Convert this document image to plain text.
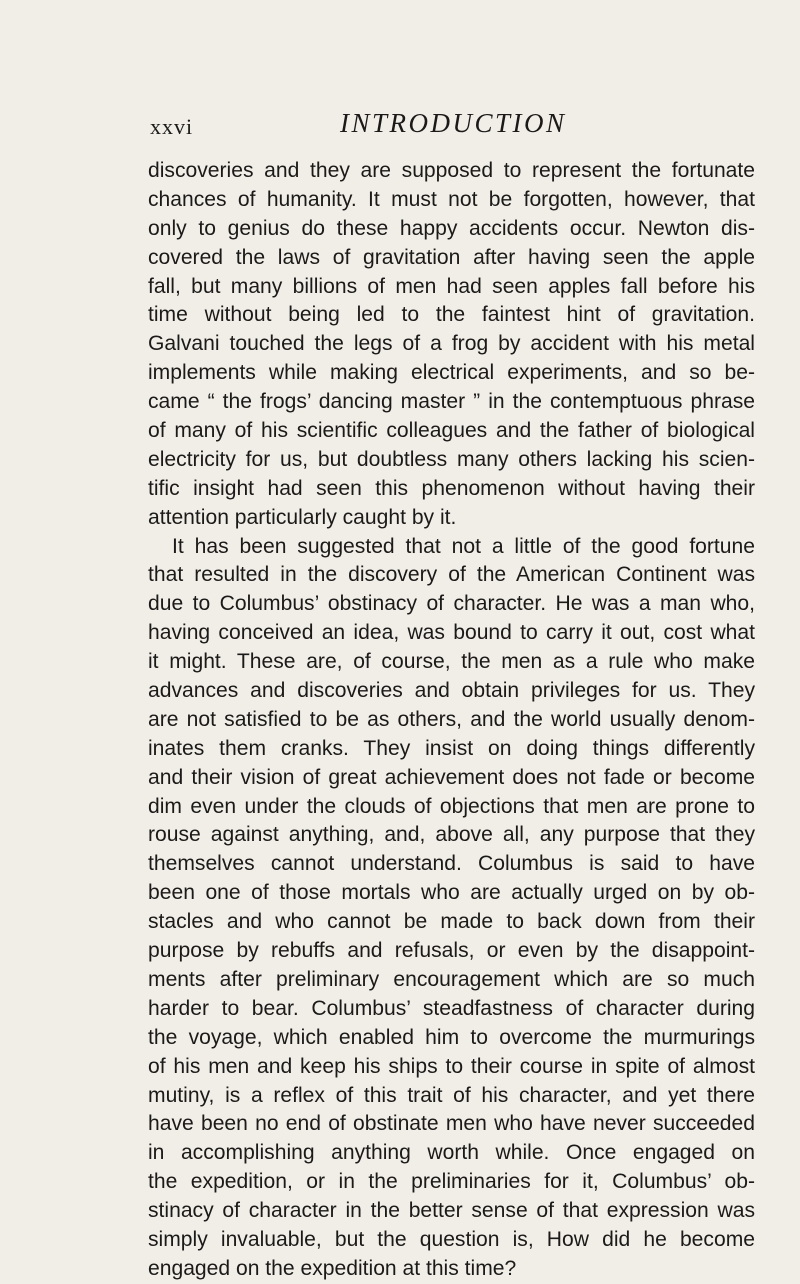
xxvi	INTRODUCTION
discoveries and they are supposed to represent the fortunate
chances of humanity. It must not be forgotten, however, that
only to genius do these happy accidents occur. Newton dis-
covered the laws of gravitation after having seen the apple
fall, but many billions of men had seen apples fall before his
time without being led to the faintest hint of gravitation.
Galvani touched the legs of a frog by accident with his metal
implements while making electrical experiments, and so be-
came “ the frogs’ dancing master ” in the contemptuous phrase
of many of his scientific colleagues and the father of biological
electricity for us, but doubtless many others lacking his scien-
tific insight had seen this phenomenon without having their
attention particularly caught by it.
It has been suggested that not a little of the good fortune
that resulted in the discovery of the American Continent was
due to Columbus’ obstinacy of character. He was a man who,
having conceived an idea, was bound to carry it out, cost what
it might. These are, of course, the men as a rule who make
advances and discoveries and obtain privileges for us. They
are not satisfied to be as others, and the world usually denom-
inates them cranks. They insist on doing things differently
and their vision of great achievement does not fade or become
dim even under the clouds of objections that men are prone to
rouse against anything, and, above all, any purpose that they
themselves cannot understand. Columbus is said to have
been one of those mortals who are actually urged on by ob-
stacles and who cannot be made to back down from their
purpose by rebuffs and refusals, or even by the disappoint-
ments after preliminary encouragement which are so much
harder to bear. Columbus’ steadfastness of character during
the voyage, which enabled him to overcome the murmurings
of his men and keep his ships to their course in spite of almost
mutiny, is a reflex of this trait of his character, and yet there
have been no end of obstinate men who have never succeeded
in accomplishing anything worth while. Once engaged on
the expedition, or in the preliminaries for it, Columbus’ ob-
stinacy of character in the better sense of that expression was
simply invaluable, but the question is, How did he become
engaged on the expedition at this time?
